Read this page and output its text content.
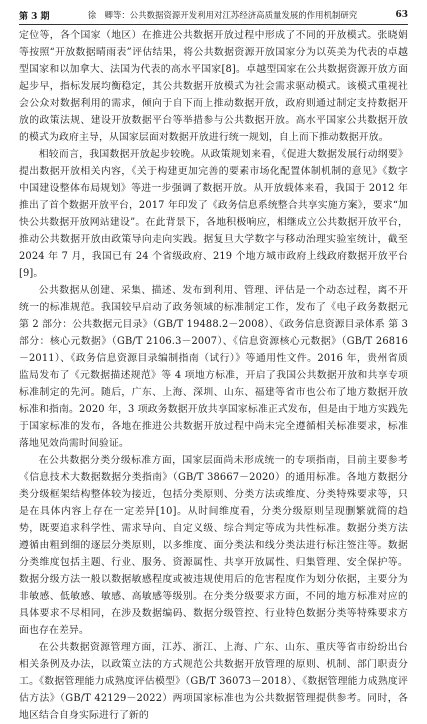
第 3 期	徐　卿等：公共数据资源开发利用对江苏经济高质量发展的作用机制研究	63

定位等，各个国家（地区）在推进公共数据开放过程中形成了不同的开放模式。张晓娟等按照“开放数据晴雨表”评估结果，将公共数据资源开放国家分为以英美为代表的卓越型国家和以加拿大、法国为代表的高水平国家[8]。卓越型国家在公共数据资源开放方面起步早，指标发展均衡稳定，其公共数据开放模式为社会需求驱动模式。该模式重视社会公众对数据利用的需求，倾向于自下而上推动数据开放，政府则通过制定支持数据开放的政策法规、建设开放数据平台等举措参与公共数据开放。高水平国家公共数据开放的模式为政府主导，从国家层面对数据开放进行统一规划，自上而下推动数据开放。

相较而言，我国数据开放起步较晚。从政策规划来看，《促进大数据发展行动纲要》提出数据开放相关内容，《关于构建更加完善的要素市场化配置体制机制的意见》《数字中国建设整体布局规划》等进一步强调了数据开放。从开放载体来看，我国于 2012 年推出了首个数据开放平台，2017 年印发了《政务信息系统整合共享实施方案》，要求“加快公共数据开放网站建设”。在此背景下，各地积极响应，相继成立公共数据开放平台，推动公共数据开放由政策导向走向实践。据复旦大学数字与移动治理实验室统计，截至 2024 年 7 月，我国已有 24 个省级政府、219 个地方城市政府上线政府数据开放平台[9]。

公共数据从创建、采集、描述、发布到利用、管理、评估是一个动态过程，离不开统一的标准规范。我国较早启动了政务领域的标准制定工作，发布了《电子政务数据元 第 2 部分：公共数据元目录》（GB/T 19488.2－2008）、《政务信息资源目录体系 第 3 部分：核心元数据》（GB/T 2106.3－2007）、《信息资源核心元数据》（GB/T 26816－2011）、《政务信息资源目录编制指南（试行）》等通用性文件。2016 年，贵州省质监局发布了《元数据描述规范》等 4 项地方标准，开启了我国公共数据开放和共享专项标准制定的先河。随后，广东、上海、深圳、山东、福建等省市也公布了地方数据开放标准和指南。2020 年，3 项政务数据开放共享国家标准正式发布，但是由于地方实践先于国家标准的发布，各地在推进公共数据开放过程中尚未完全遵循相关标准要求，标准落地见效尚需时间验证。

在公共数据分类分级标准方面，国家层面尚未形成统一的专项指南，目前主要参考《信息技术大数据数据分类指南》（GB/T 38667－2020）的通用标准。各地方数据分类分级框架结构整体较为接近，包括分类原则、分类方法或维度、分类特殊要求等，只是在具体内容上存在一定差异[10]。从时间维度看，分类分级原则呈现删繁就简的趋势，既要追求科学性、需求导向、自定义级、综合判定等成为共性标准。数据分类方法遵循由粗到细的逐层分类原则，以多维度、面分类法和线分类法进行标注签注等。数据分类维度包括主题、行业、服务、资源属性、共享开放属性、归集管理、安全保护等。数据分级方法一般以数据敏感程度或被违规使用后的危害程度作为划分依据，主要分为非敏感、低敏感、敏感、高敏感等级别。在分类分级要求方面，不同的地方标准对应的具体要求不尽相同，在涉及数据编码、数据分级管控、行业特色数据分类等特殊要求方面也存在差异。

在公共数据资源管理方面，江苏、浙江、上海、广东、山东、重庆等省市纷纷出台相关条例及办法，以政策立法的方式规范公共数据开放管理的原则、机制、部门职责分工。《数据管理能力成熟度评估模型》（GB/T 36073－2018）、《数据管理能力成熟度评估方法》（GB/T 42129－2022）两项国家标准也为公共数据管理提供参考。同时，各地区结合自身实际进行了新的
